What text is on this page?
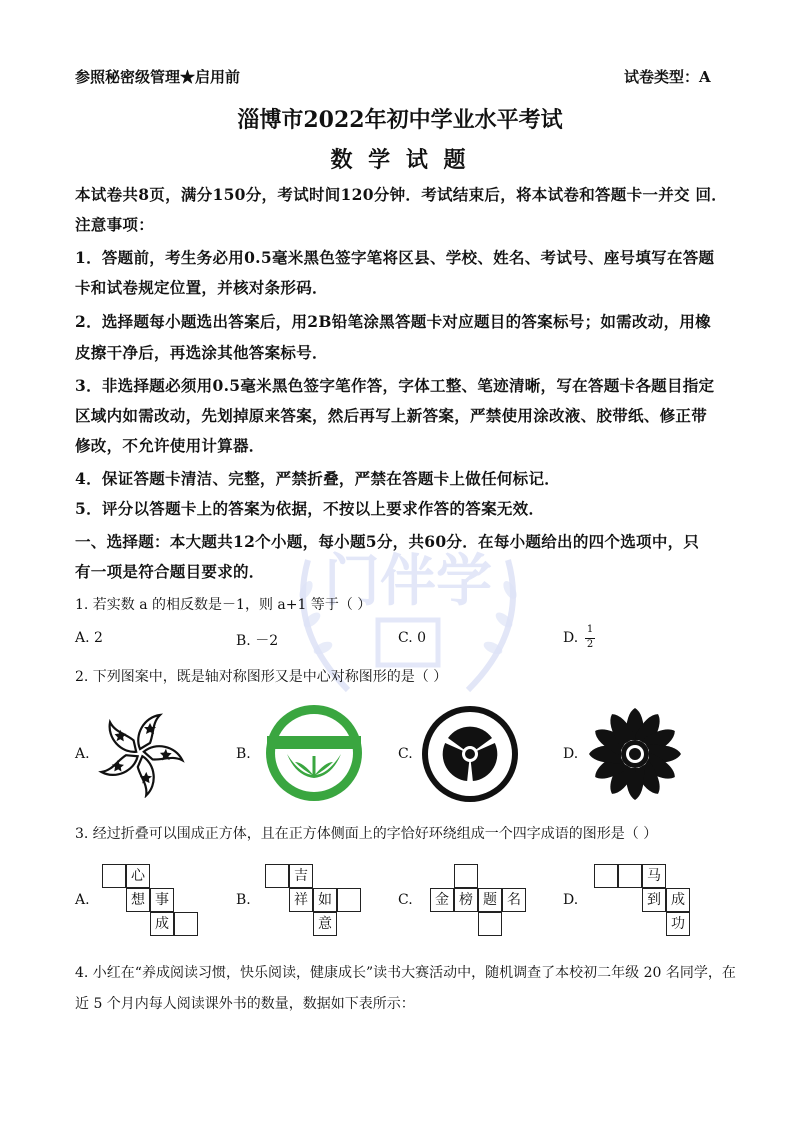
门伴学
参照秘密级管理★启用前	试卷类型：A
淄博市2022年初中学业水平考试
数 学 试 题
本试卷共8页，满分150分，考试时间120分钟．考试结束后，将本试卷和答题卡一并交 回．
注意事项：
1．答题前，考生务必用0.5毫米黑色签字笔将区县、学校、姓名、考试号、座号填写在答题
卡和试卷规定位置，并核对条形码．
2．选择题每小题选出答案后，用2B铅笔涂黑答题卡对应题目的答案标号；如需改动，用橡
皮擦干净后，再选涂其他答案标号．
3．非选择题必须用0.5毫米黑色签字笔作答，字体工整、笔迹清晰，写在答题卡各题目指定
区域内如需改动，先划掉原来答案，然后再写上新答案，严禁使用涂改液、胶带纸、修正带
修改，不允许使用计算器．
4．保证答题卡清洁、完整，严禁折叠，严禁在答题卡上做任何标记．
5．评分以答题卡上的答案为依据，不按以上要求作答的答案无效．
一、选择题：本大题共12个小题，每小题5分，共60分．在每小题给出的四个选项中，只
有一项是符合题目要求的．
1. 若实数 a 的相反数是－1，则 a+1 等于（ ）
A. 2	B. －2	C. 0	D.
1
2
2. 下列图案中，既是轴对称图形又是中心对称图形的是（ ）
A.	B.	C.	D.
3. 经过折叠可以围成正方体，且在正方体侧面上的字恰好环绕组成一个四字成语的图形是（ ）
A.	B.	C.	D.
心
想 事
成
吉
祥 如
意
金 榜 题 名
马
到 成
功
4. 小红在“养成阅读习惯，快乐阅读，健康成长”读书大赛活动中，随机调查了本校初二年级 20 名同学，在
近 5 个月内每人阅读课外书的数量，数据如下表所示：
